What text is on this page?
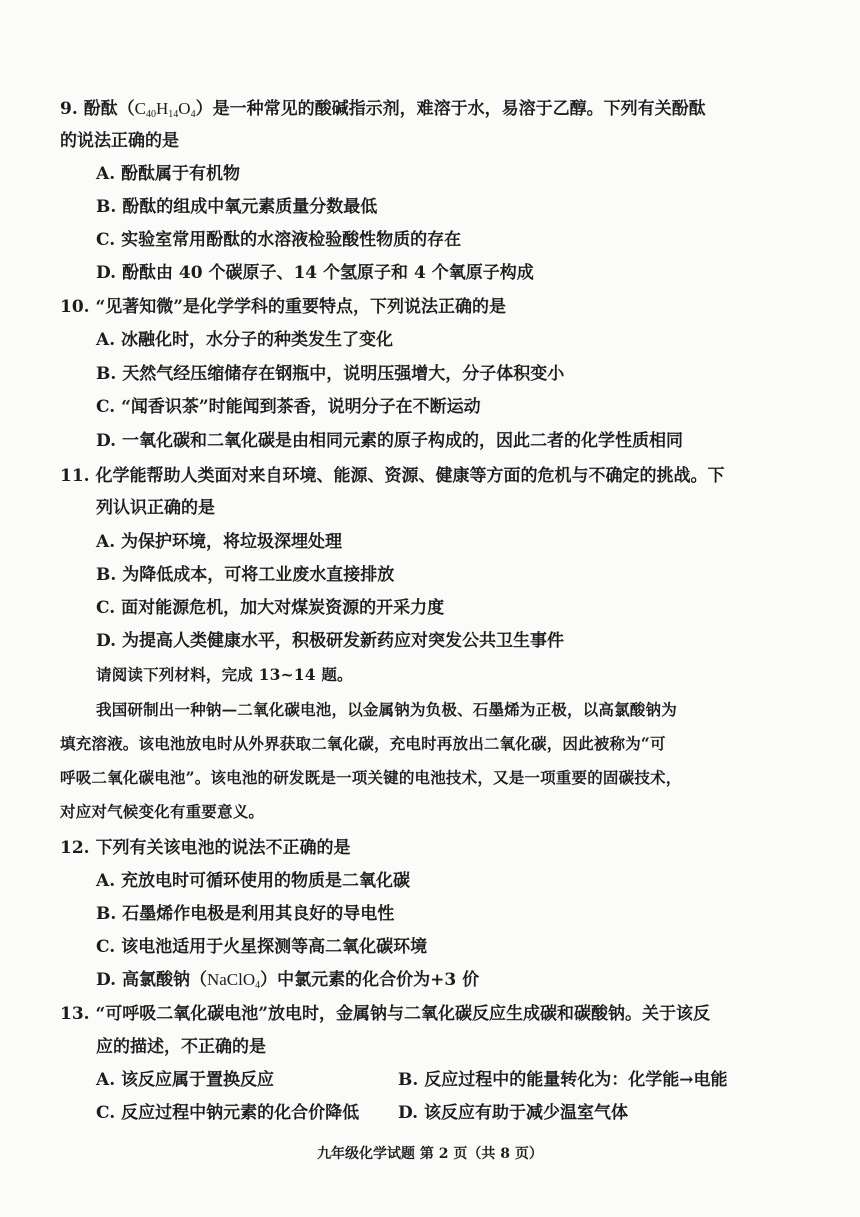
9. 酚酞$(C_{40}H_{14}O_4)$是一种常见的酸碱指示剂，难溶于水，易溶于乙醇。下列有关酚酞
的说法正确的是
A. 酚酞属于有机物
B. 酚酞的组成中氧元素质量分数最低
C. 实验室常用酚酞的水溶液检验酸性物质的存在
D. 酚酞由 40 个碳原子、14 个氢原子和 4 个氧原子构成
10. “见著知微”是化学学科的重要特点，下列说法正确的是
A. 冰融化时，水分子的种类发生了变化
B. 天然气经压缩储存在钢瓶中，说明压强增大，分子体积变小
C. “闻香识茶”时能闻到茶香，说明分子在不断运动
D. 一氧化碳和二氧化碳是由相同元素的原子构成的，因此二者的化学性质相同
11. 化学能帮助人类面对来自环境、能源、资源、健康等方面的危机与不确定的挑战。下
列认识正确的是
A. 为保护环境，将垃圾深埋处理
B. 为降低成本，可将工业废水直接排放
C. 面对能源危机，加大对煤炭资源的开采力度
D. 为提高人类健康水平，积极研发新药应对突发公共卫生事件
请阅读下列材料，完成 13~14 题。
我国研制出一种钠—二氧化碳电池，以金属钠为负极、石墨烯为正极，以高氯酸钠为
填充溶液。该电池放电时从外界获取二氧化碳，充电时再放出二氧化碳，因此被称为“可
呼吸二氧化碳电池”。该电池的研发既是一项关键的电池技术，又是一项重要的固碳技术，
对应对气候变化有重要意义。
12. 下列有关该电池的说法不正确的是
A. 充放电时可循环使用的物质是二氧化碳
B. 石墨烯作电极是利用其良好的导电性
C. 该电池适用于火星探测等高二氧化碳环境
D. 高氯酸钠（NaClO$_4$）中氯元素的化合价为+3 价
13. “可呼吸二氧化碳电池”放电时，金属钠与二氧化碳反应生成碳和碳酸钠。关于该反
应的描述，不正确的是
A. 该反应属于置换反应	B. 反应过程中的能量转化为：化学能→电能
C. 反应过程中钠元素的化合价降低 D. 该反应有助于减少温室气体
九年级化学试题 第 2 页（共 8 页）
